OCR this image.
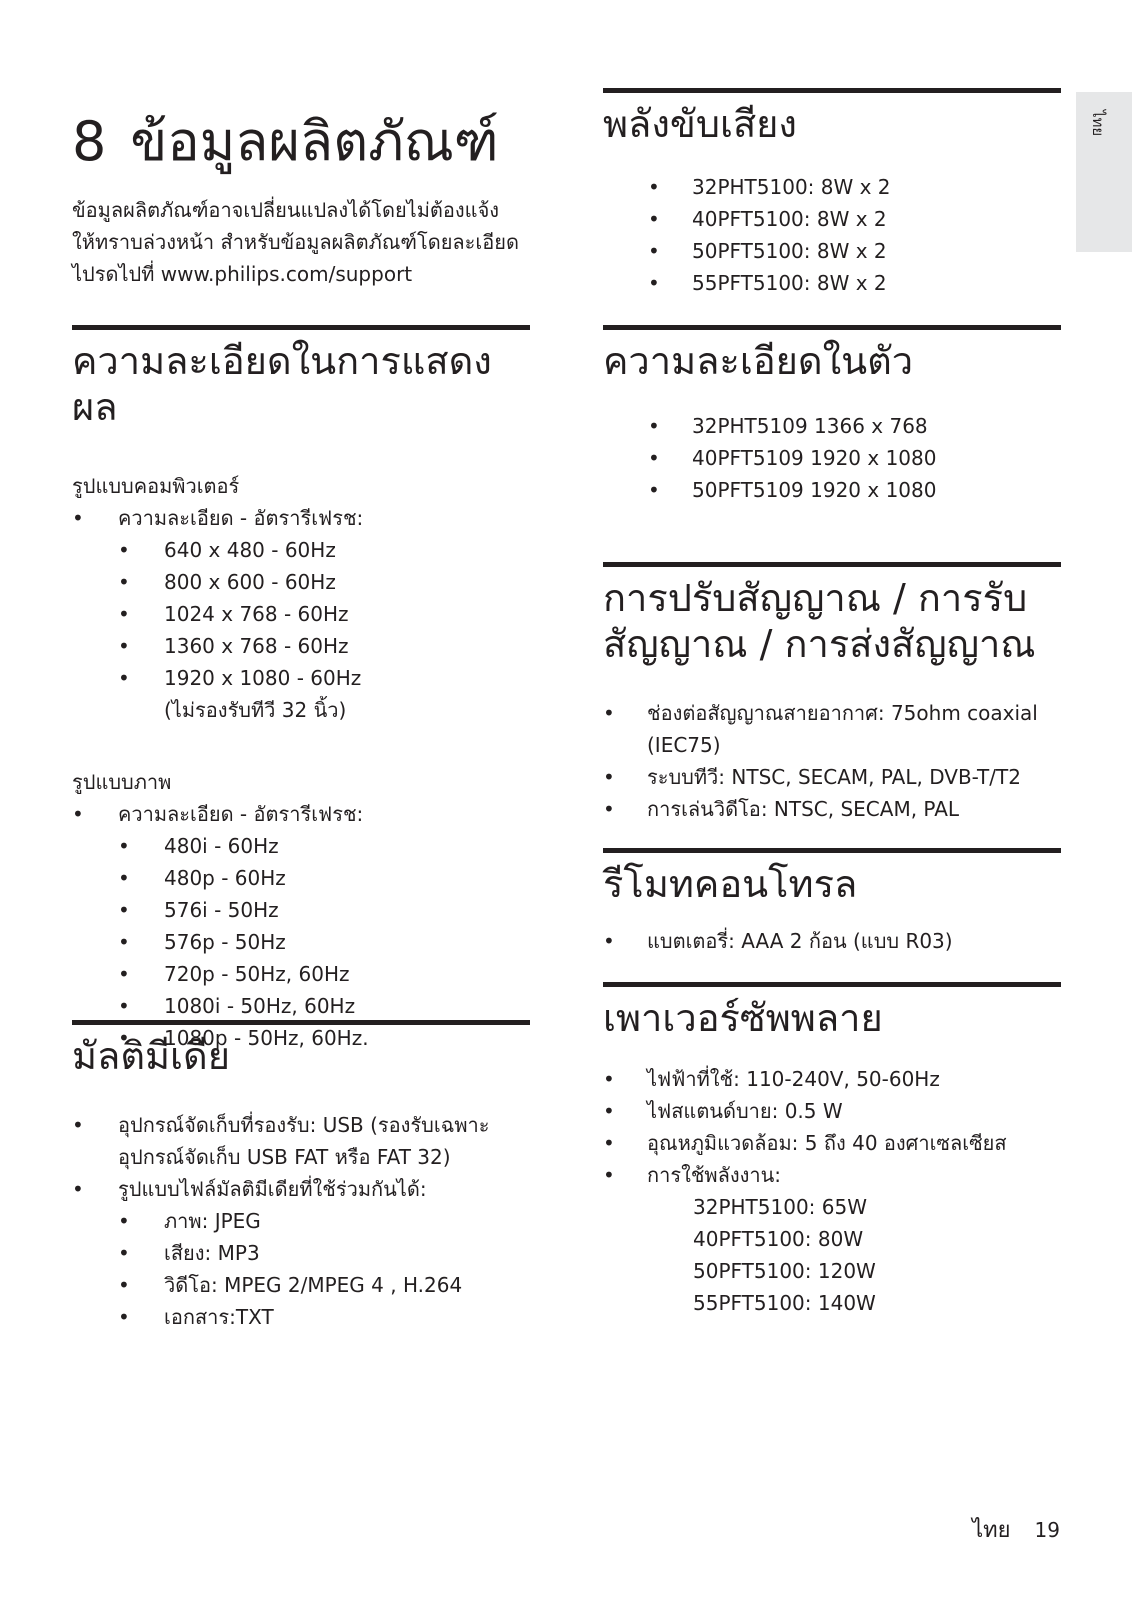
8 ข้อมูลผลิตภัณฑ์

ข้อมูลผลิตภัณฑ์อาจเปลี่ยนแปลงได้โดยไม่ต้องแจ้ง

ให้ทราบล่วงหน้า สำหรับข้อมูลผลิตภัณฑ์โดยละเอียด

ไปรดไปที่ www.philips.com/support

ความละเอียดในการแสดงผล

รูปแบบคอมพิวเตอร์

• ความละเอียด - อัตรารีเฟรช:
• 640 x 480 - 60Hz
• 800 x 600 - 60Hz
• 1024 x 768 - 60Hz
• 1360 x 768 - 60Hz
• 1920 x 1080 - 60Hz
(ไม่รองรับทีวี 32 นิ้ว)

รูปแบบภาพ

• ความละเอียด - อัตรารีเฟรช:
• 480i - 60Hz
• 480p - 60Hz
• 576i - 50Hz
• 576p - 50Hz
• 720p - 50Hz, 60Hz
• 1080i - 50Hz, 60Hz
• 1080p - 50Hz, 60Hz.
มัลติมีเดีย
• อุปกรณ์จัดเก็บที่รองรับ: USB (รองรับเฉพาะ
อุปกรณ์จัดเก็บ USB FAT หรือ FAT 32)
• รูปแบบไฟล์มัลติมีเดียที่ใช้ร่วมกันได้:
• ภาพ: JPEG
• เสียง: MP3
• วิดีโอ: MPEG 2/MPEG 4 , H.264
• เอกสาร:TXT
พลังขับเสียง
• 32PHT5100: 8W x 2
• 40PFT5100: 8W x 2
• 50PFT5100: 8W x 2
• 55PFT5100: 8W x 2
ความละเอียดในตัว
• 32PHT5109 1366 x 768
• 40PFT5109 1920 x 1080
• 50PFT5109 1920 x 1080
การปรับสัญญาณ / การรับ
สัญญาณ / การส่งสัญญาณ
• ช่องต่อสัญญาณสายอากาศ: 75ohm coaxial
(IEC75)
• ระบบทีวี: NTSC, SECAM, PAL, DVB-T/T2
• การเล่นวิดีโอ: NTSC, SECAM, PAL
รีโมทคอนโทรล
• แบตเตอรี่: AAA 2 ก้อน (แบบ R03)
เพาเวอร์ซัพพลาย
• ไฟฟ้าที่ใช้: 110-240V, 50-60Hz
• ไฟสแตนด์บาย: 0.5 W
• อุณหภูมิแวดล้อม: 5 ถึง 40 องศาเซลเซียส
• การใช้พลังงาน:

32PHT5100: 65W

40PFT5100: 80W

50PFT5100: 120W

55PFT5100: 140W

ไทย
ไทย 19
